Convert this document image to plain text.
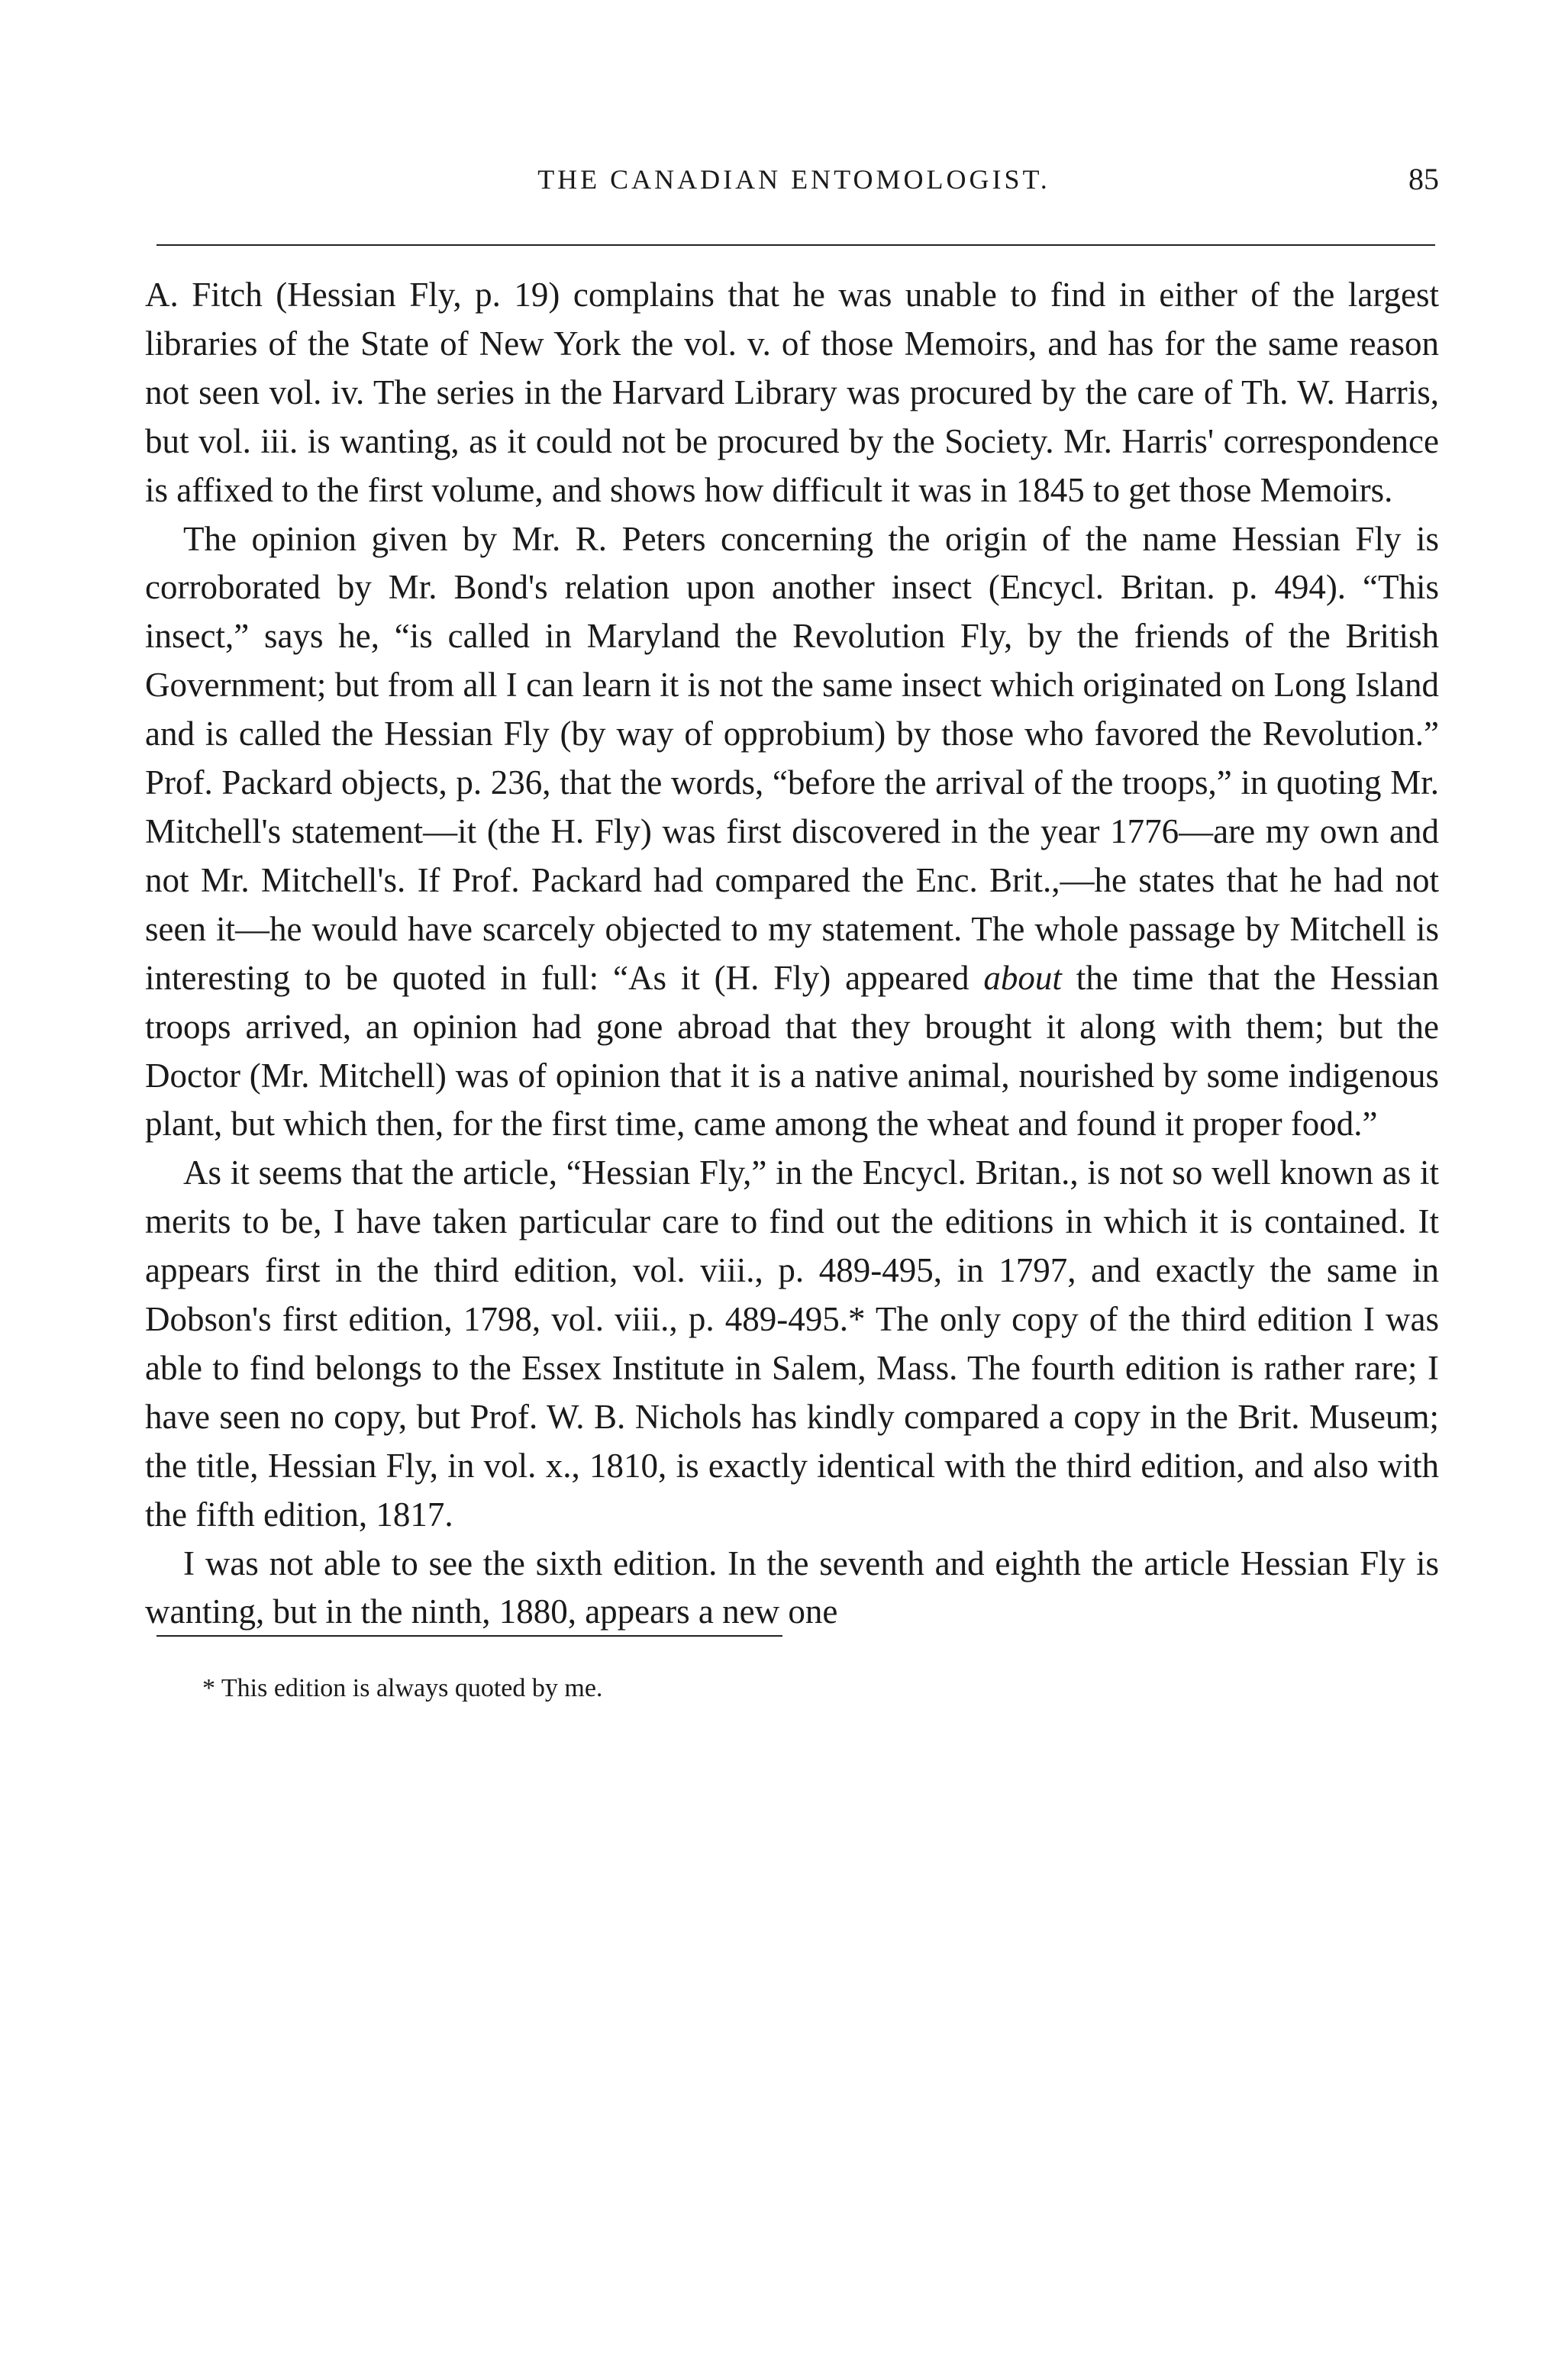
THE CANADIAN ENTOMOLOGIST.	85

A. Fitch (Hessian Fly, p. 19) complains that he was unable to find in either of the largest libraries of the State of New York the vol. v. of those Memoirs, and has for the same reason not seen vol. iv. The series in the Harvard Library was procured by the care of Th. W. Harris, but vol. iii. is wanting, as it could not be procured by the Society. Mr. Harris' correspondence is affixed to the first volume, and shows how difficult it was in 1845 to get those Memoirs.

The opinion given by Mr. R. Peters concerning the origin of the name Hessian Fly is corroborated by Mr. Bond's relation upon another insect (Encycl. Britan. p. 494). “This insect,” says he, “is called in Maryland the Revolution Fly, by the friends of the British Government; but from all I can learn it is not the same insect which originated on Long Island and is called the Hessian Fly (by way of opprobium) by those who favored the Revolution.” Prof. Packard objects, p. 236, that the words, “before the arrival of the troops,” in quoting Mr. Mitchell's statement—it (the H. Fly) was first discovered in the year 1776—are my own and not Mr. Mitchell's. If Prof. Packard had compared the Enc. Brit.,—he states that he had not seen it—he would have scarcely objected to my statement. The whole passage by Mitchell is interesting to be quoted in full: “As it (H. Fly) appeared about the time that the Hessian troops arrived, an opinion had gone abroad that they brought it along with them; but the Doctor (Mr. Mitchell) was of opinion that it is a native animal, nourished by some indigenous plant, but which then, for the first time, came among the wheat and found it proper food.”

As it seems that the article, “Hessian Fly,” in the Encycl. Britan., is not so well known as it merits to be, I have taken particular care to find out the editions in which it is contained. It appears first in the third edition, vol. viii., p. 489-495, in 1797, and exactly the same in Dobson's first edition, 1798, vol. viii., p. 489-495.* The only copy of the third edition I was able to find belongs to the Essex Institute in Salem, Mass. The fourth edition is rather rare; I have seen no copy, but Prof. W. B. Nichols has kindly compared a copy in the Brit. Museum; the title, Hessian Fly, in vol. x., 1810, is exactly identical with the third edition, and also with the fifth edition, 1817.

I was not able to see the sixth edition. In the seventh and eighth the article Hessian Fly is wanting, but in the ninth, 1880, appears a new one

* This edition is always quoted by me.
